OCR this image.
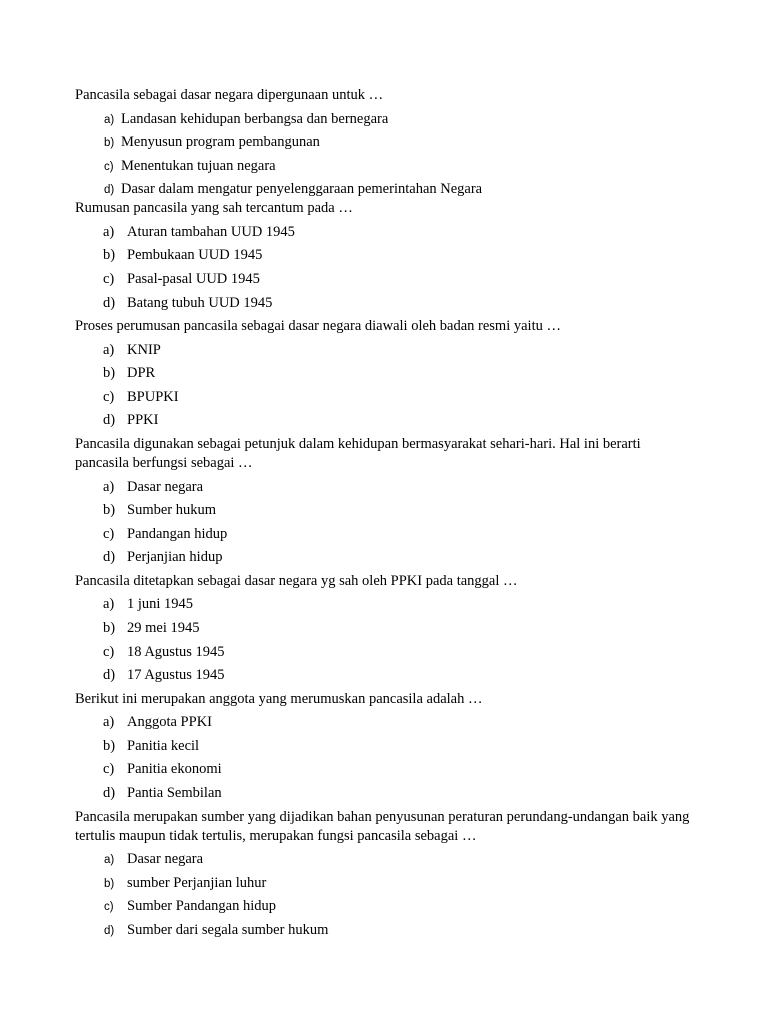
Pancasila sebagai dasar negara dipergunaan untuk …

a) Landasan kehidupan berbangsa dan bernegara
b) Menyusun program pembangunan
c) Menentukan tujuan negara
d) Dasar dalam mengatur penyelenggaraan pemerintahan Negara

Rumusan pancasila yang sah tercantum pada …

a) Aturan tambahan UUD 1945
b) Pembukaan UUD 1945
c) Pasal-pasal UUD 1945
d) Batang tubuh UUD 1945

Proses perumusan pancasila sebagai dasar negara diawali oleh badan resmi yaitu …

a) KNIP
b) DPR
c) BPUPKI
d) PPKI

Pancasila digunakan sebagai petunjuk dalam kehidupan bermasyarakat sehari-hari. Hal ini berarti pancasila berfungsi sebagai …

a) Dasar negara
b) Sumber hukum
c) Pandangan hidup
d) Perjanjian hidup

Pancasila ditetapkan sebagai dasar negara yg sah oleh PPKI pada tanggal …

a) 1 juni 1945
b) 29 mei 1945
c) 18 Agustus 1945
d) 17 Agustus 1945

Berikut ini merupakan anggota yang merumuskan pancasila adalah …

a) Anggota PPKI
b) Panitia kecil
c) Panitia ekonomi
d) Pantia Sembilan

Pancasila merupakan sumber yang dijadikan bahan penyusunan peraturan perundang-undangan baik yang tertulis maupun tidak tertulis, merupakan fungsi pancasila sebagai …

a) Dasar negara
b) sumber Perjanjian luhur
c) Sumber Pandangan hidup
d) Sumber dari segala sumber hukum
